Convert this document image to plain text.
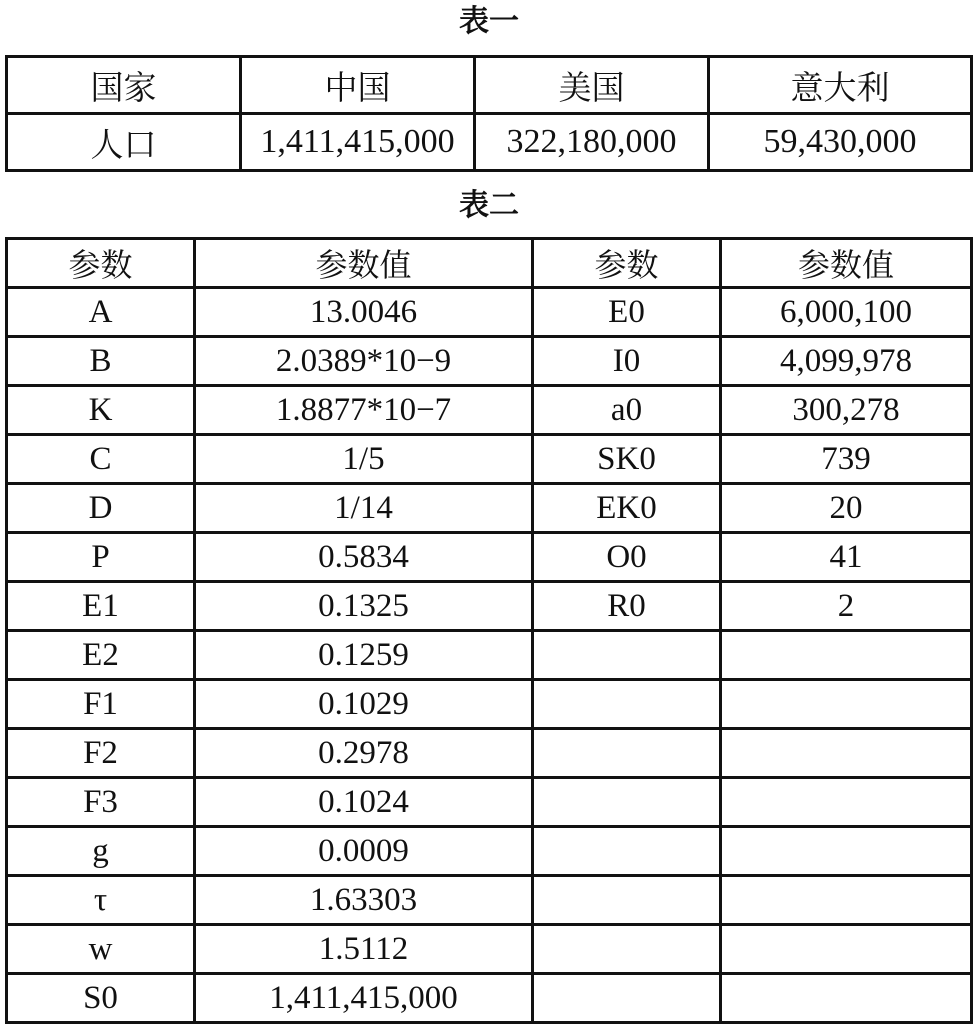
表一
国家	中国	美国	意大利
人口	1,411,415,000	322,180,000	59,430,000
表二
参数	参数值	参数	参数值
A	13.0046	E0	6,000,100
B	2.0389*10−9	I0	4,099,978
K	1.8877*10−7	a0	300,278
C	1/5	SK0	739
D	1/14	EK0	20
P	0.5834	O0	41
E1	0.1325	R0	2
E2	0.1259		
F1	0.1029		
F2	0.2978		
F3	0.1024		
g	0.0009		
τ	1.63303		
w	1.5112		
S0	1,411,415,000		
